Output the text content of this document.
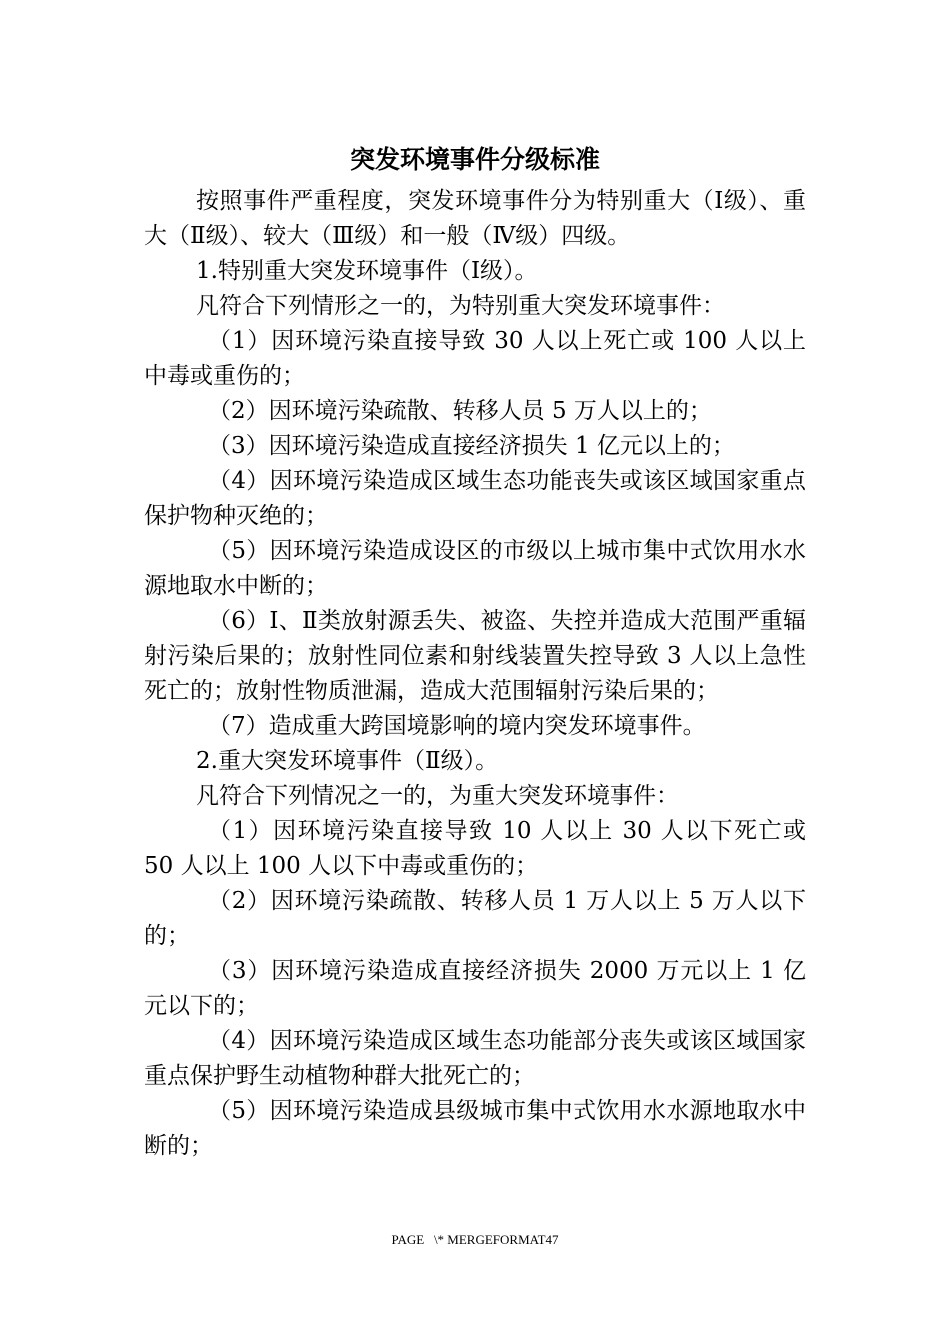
突发环境事件分级标准

按照事件严重程度，突发环境事件分为特别重大（Ⅰ级）、重大（Ⅱ级）、较大（Ⅲ级）和一般（Ⅳ级）四级。

1.特别重大突发环境事件（Ⅰ级）。

凡符合下列情形之一的，为特别重大突发环境事件：

（1）因环境污染直接导致 30 人以上死亡或 100 人以上中毒或重伤的；

（2）因环境污染疏散、转移人员 5 万人以上的；

（3）因环境污染造成直接经济损失 1 亿元以上的；

（4）因环境污染造成区域生态功能丧失或该区域国家重点保护物种灭绝的；

（5）因环境污染造成设区的市级以上城市集中式饮用水水源地取水中断的；

（6）Ⅰ、Ⅱ类放射源丢失、被盗、失控并造成大范围严重辐射污染后果的；放射性同位素和射线装置失控导致 3 人以上急性死亡的；放射性物质泄漏，造成大范围辐射污染后果的；

（7）造成重大跨国境影响的境内突发环境事件。

2.重大突发环境事件（Ⅱ级）。

凡符合下列情况之一的，为重大突发环境事件：

（1）因环境污染直接导致 10 人以上 30 人以下死亡或 50 人以上 100 人以下中毒或重伤的；

（2）因环境污染疏散、转移人员 1 万人以上 5 万人以下的；

（3）因环境污染造成直接经济损失 2000 万元以上 1 亿元以下的；

（4）因环境污染造成区域生态功能部分丧失或该区域国家重点保护野生动植物种群大批死亡的；

（5）因环境污染造成县级城市集中式饮用水水源地取水中断的；

PAGE   \* MERGEFORMAT47
